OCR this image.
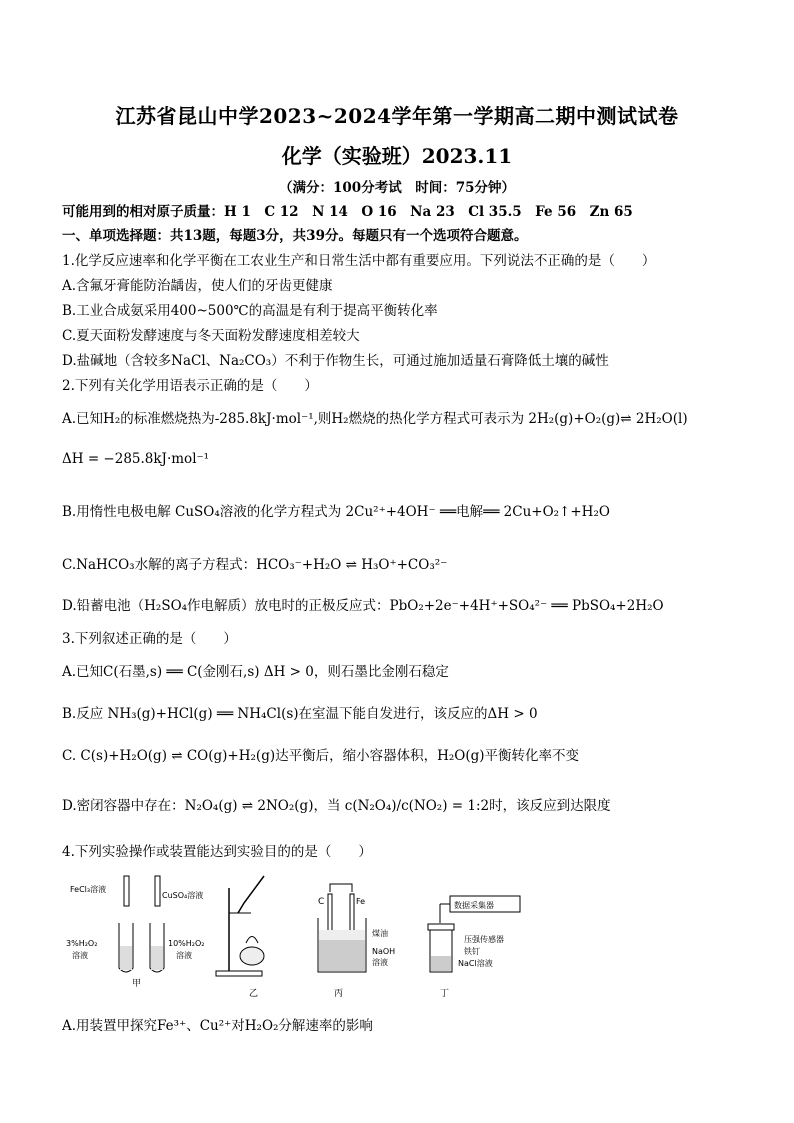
江苏省昆山中学2023~2024学年第一学期高二期中测试试卷
化学（实验班）2023.11
（满分：100分考试　时间：75分钟）
可能用到的相对原子质量：H 1　C 12　N 14　O 16　Na 23　Cl 35.5　Fe 56　Zn 65
一、单项选择题：共13题，每题3分，共39分。每题只有一个选项符合题意。
1.化学反应速率和化学平衡在工农业生产和日常生活中都有重要应用。下列说法不正确的是（　　）
A.含氟牙膏能防治龋齿，使人们的牙齿更健康
B.工业合成氨采用400~500℃的高温是有利于提高平衡转化率
C.夏天面粉发酵速度与冬天面粉发酵速度相差较大
D.盐碱地（含较多NaCl、Na₂CO₃）不利于作物生长，可通过施加适量石膏降低土壤的碱性
2.下列有关化学用语表示正确的是（　　）
A.已知H₂的标准燃烧热为-285.8kJ·mol⁻¹,则H₂燃烧的热化学方程式可表示为 2H₂(g)+O₂(g)⇌ 2H₂O(l)
ΔH = −285.8kJ·mol⁻¹
B.用惰性电极电解 CuSO₄溶液的化学方程式为 2Cu²⁺+4OH⁻ ══电解══ 2Cu+O₂↑+H₂O
C.NaHCO₃水解的离子方程式：HCO₃⁻+H₂O ⇌ H₃O⁺+CO₃²⁻
D.铅蓄电池（H₂SO₄作电解质）放电时的正极反应式：PbO₂+2e⁻+4H⁺+SO₄²⁻ ══ PbSO₄+2H₂O
3.下列叙述正确的是（　　）
A.已知C(石墨,s) ══ C(金刚石,s) ΔH > 0，则石墨比金刚石稳定
B.反应 NH₃(g)+HCl(g) ══ NH₄Cl(s)在室温下能自发进行，该反应的ΔH > 0
C. C(s)+H₂O(g) ⇌ CO(g)+H₂(g)达平衡后，缩小容器体积，H₂O(g)平衡转化率不变
D.密闭容器中存在：N₂O₄(g) ⇌ 2NO₂(g)，当 c(N₂O₄)/c(NO₂) = 1:2时，该反应到达限度
4.下列实验操作或装置能达到实验目的的是（　　）
FeCl₃溶液
CuSO₄溶液
3%H₂O₂
溶液
10%H₂O₂
溶液
甲
乙
C	Fe
煤油
NaOH
溶液
丙
数据采集器
压强传感器
铁钉
NaCl溶液
丁
A.用装置甲探究Fe³⁺、Cu²⁺对H₂O₂分解速率的影响
